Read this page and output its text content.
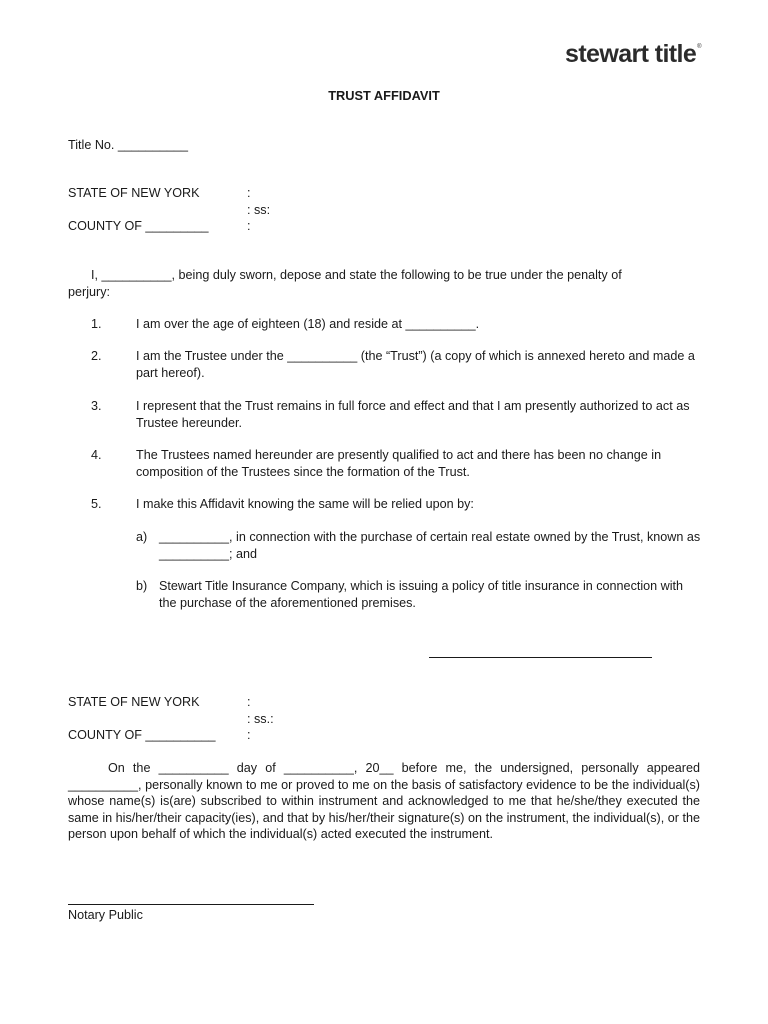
stewart title®
TRUST AFFIDAVIT
Title No. __________
STATE OF NEW YORK	:
: ss:
COUNTY OF _________	:
I, __________, being duly sworn, depose and state the following to be true under the penalty of
perjury:
1.	I am over the age of eighteen (18) and reside at __________.
2.	I am the Trustee under the __________ (the “Trust”) (a copy of which is annexed hereto and made a part hereof).
3.	I represent that the Trust remains in full force and effect and that I am presently authorized to act as Trustee hereunder.
4.	The Trustees named hereunder are presently qualified to act and there has been no change in composition of the Trustees since the formation of the Trust.
5.	I make this Affidavit knowing the same will be relied upon by:
a) __________, in connection with the purchase of certain real estate owned by the Trust, known as __________; and
b) Stewart Title Insurance Company, which is issuing a policy of title insurance in connection with the purchase of the aforementioned premises.
STATE OF NEW YORK	:
: ss.:
COUNTY OF __________	:
On the __________ day of __________, 20__ before me, the undersigned, personally appeared __________, personally known to me or proved to me on the basis of satisfactory evidence to be the individual(s) whose name(s) is(are) subscribed to within instrument and acknowledged to me that he/she/they executed the same in his/her/their capacity(ies), and that by his/her/their signature(s) on the instrument, the individual(s), or the person upon behalf of which the individual(s) acted executed the instrument.
Notary Public
